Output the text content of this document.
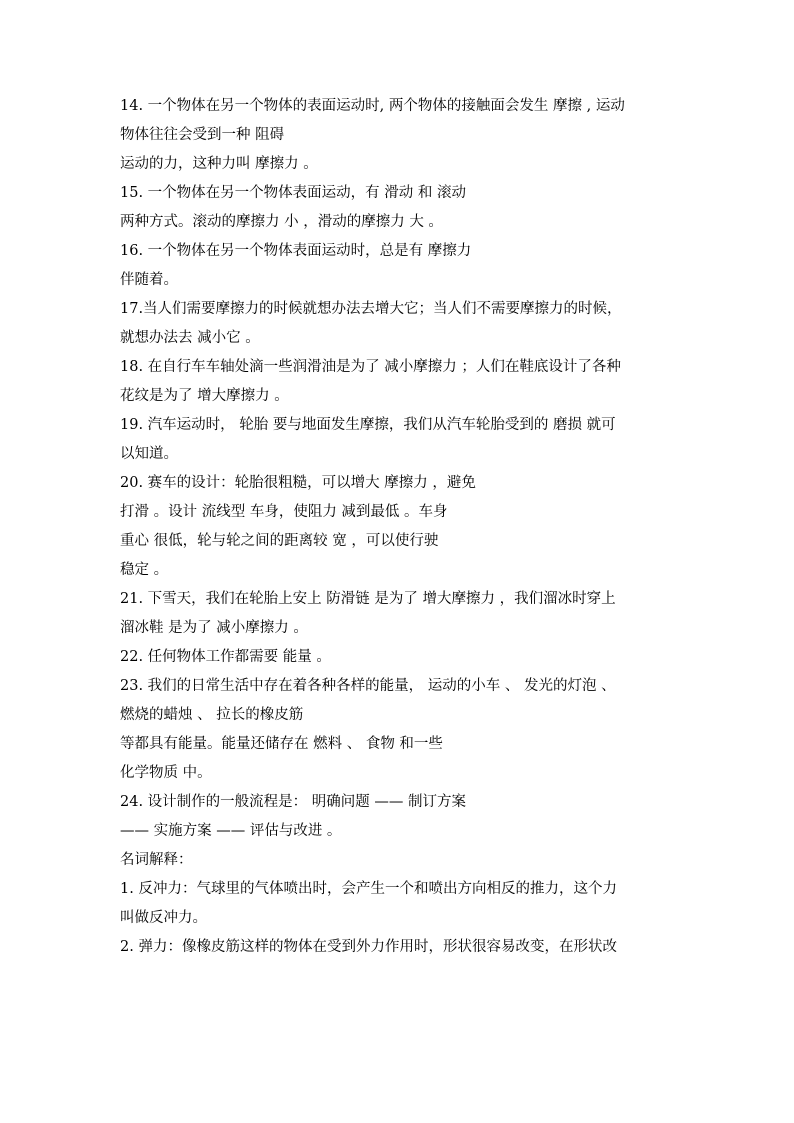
14. 一个物体在另一个物体的表面运动时, 两个物体的接触面会发生 摩擦 , 运动
物体往往会受到一种 阻碍
运动的力，这种力叫 摩擦力 。
15. 一个物体在另一个物体表面运动，有 滑动 和 滚动
两种方式。滚动的摩擦力 小 ，滑动的摩擦力 大 。
16. 一个物体在另一个物体表面运动时，总是有 摩擦力
伴随着。
17.当人们需要摩擦力的时候就想办法去增大它；当人们不需要摩擦力的时候，
就想办法去 减小它 。
18. 在自行车车轴处滴一些润滑油是为了 减小摩擦力 ；人们在鞋底设计了各种
花纹是为了 增大摩擦力 。
19. 汽车运动时， 轮胎 要与地面发生摩擦，我们从汽车轮胎受到的 磨损 就可
以知道。
20. 赛车的设计：轮胎很粗糙，可以增大 摩擦力 ，避免
打滑 。设计 流线型 车身，使阻力 减到最低 。车身
重心 很低，轮与轮之间的距离较 宽 ，可以使行驶
稳定 。
21. 下雪天，我们在轮胎上安上 防滑链 是为了 增大摩擦力 ，我们溜冰时穿上
溜冰鞋 是为了 减小摩擦力 。
22. 任何物体工作都需要 能量 。
23. 我们的日常生活中存在着各种各样的能量， 运动的小车 、 发光的灯泡 、
燃烧的蜡烛 、 拉长的橡皮筋
等都具有能量。能量还储存在 燃料 、 食物 和一些
化学物质 中。
24. 设计制作的一般流程是： 明确问题 —— 制订方案
—— 实施方案 —— 评估与改进 。
名词解释：
1. 反冲力：气球里的气体喷出时，会产生一个和喷出方向相反的推力，这个力
叫做反冲力。
2. 弹力：像橡皮筋这样的物体在受到外力作用时，形状很容易改变，在形状改
